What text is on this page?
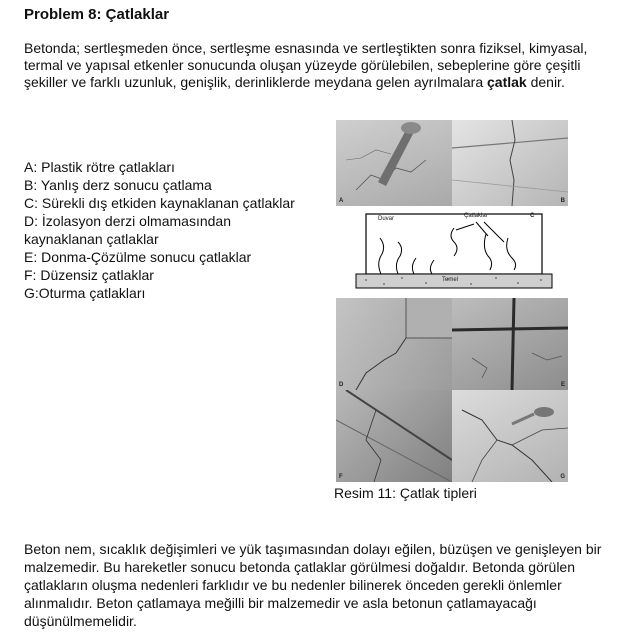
Problem 8: Çatlaklar
Betonda; sertleşmeden önce, sertleşme esnasında ve sertleştikten sonra fiziksel, kimyasal, termal ve yapısal etkenler sonucunda oluşan yüzeyde görülebilen, sebeplerine göre çeşitli şekiller ve farklı uzunluk, genişlik, derinliklerde meydana gelen ayrılmalara çatlak denir.
A: Plastik rötre çatlakları
B: Yanlış derz sonucu çatlama
C: Sürekli dış etkiden kaynaklanan çatlaklar
D: İzolasyon derzi olmamasından kaynaklanan çatlaklar
E: Donma-Çözülme sonucu çatlaklar
F: Düzensiz çatlaklar
G:Oturma çatlakları
A	B
Duvar	Çatlaklar	C
Temel
D	E
F	G
Resim 11: Çatlak tipleri
Beton nem, sıcaklık değişimleri ve yük taşımasından dolayı eğilen, büzüşen ve genişleyen bir malzemedir. Bu hareketler sonucu betonda çatlaklar görülmesi doğaldır. Betonda görülen çatlakların oluşma nedenleri farklıdır ve bu nedenler bilinerek önceden gerekli önlemler alınmalıdır. Beton çatlamaya meğilli bir malzemedir ve asla betonun çatlamayacağı düşünülmemelidir.
